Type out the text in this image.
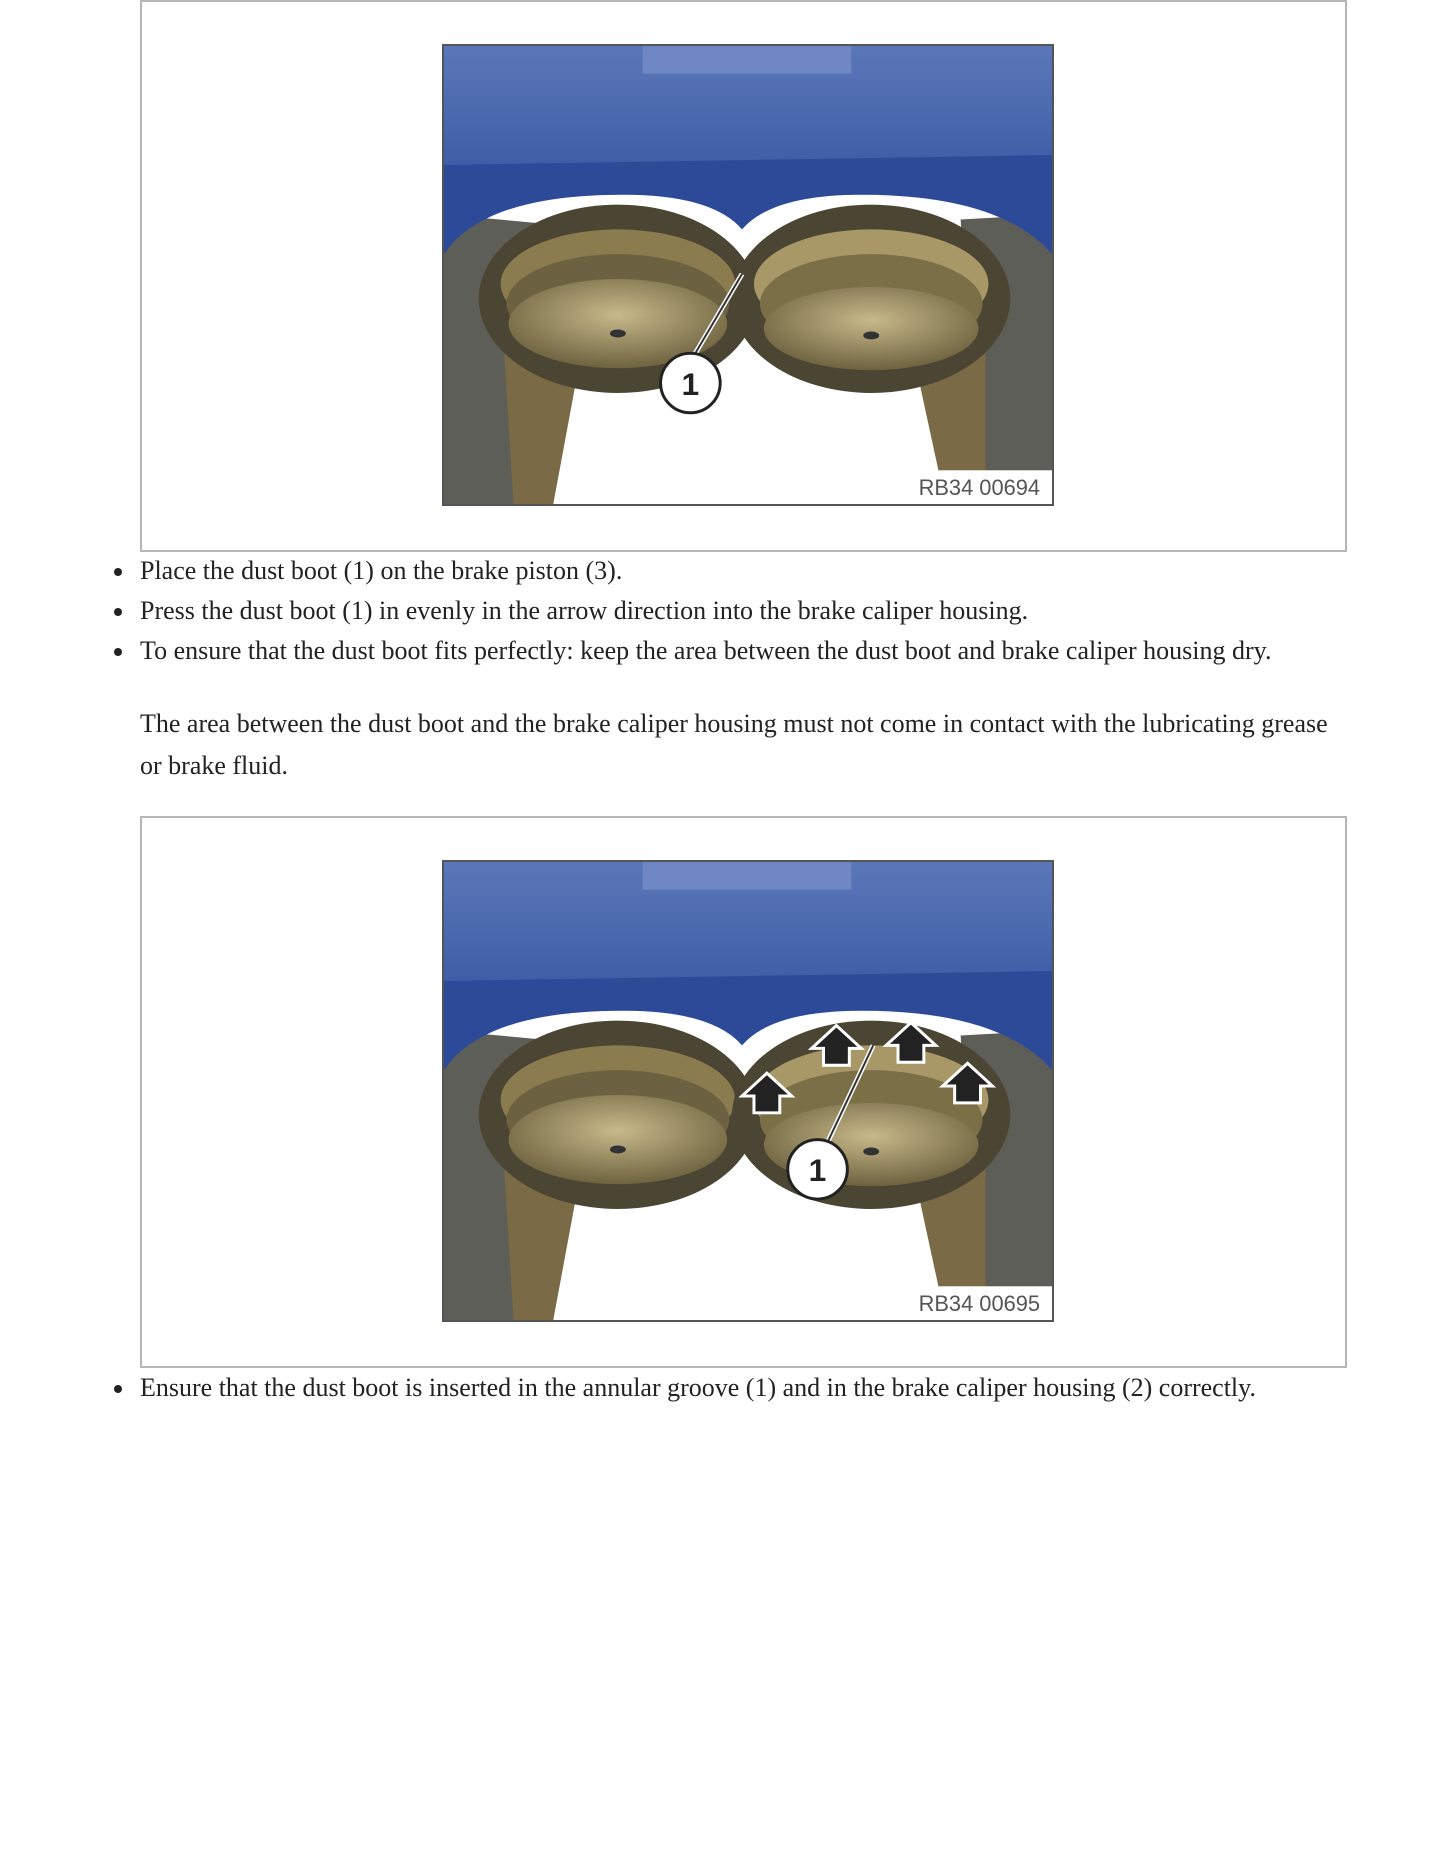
1
RB34 00694
Place the dust boot (1) on the brake piston (3).
Press the dust boot (1) in evenly in the arrow direction into the brake caliper housing.
To ensure that the dust boot fits perfectly: keep the area between the dust boot and brake caliper housing dry.

The area between the dust boot and the brake caliper housing must not come in contact with the lubricating grease or brake fluid.

1
RB34 00695
Ensure that the dust boot is inserted in the annular groove (1) and in the brake caliper housing (2) correctly.
